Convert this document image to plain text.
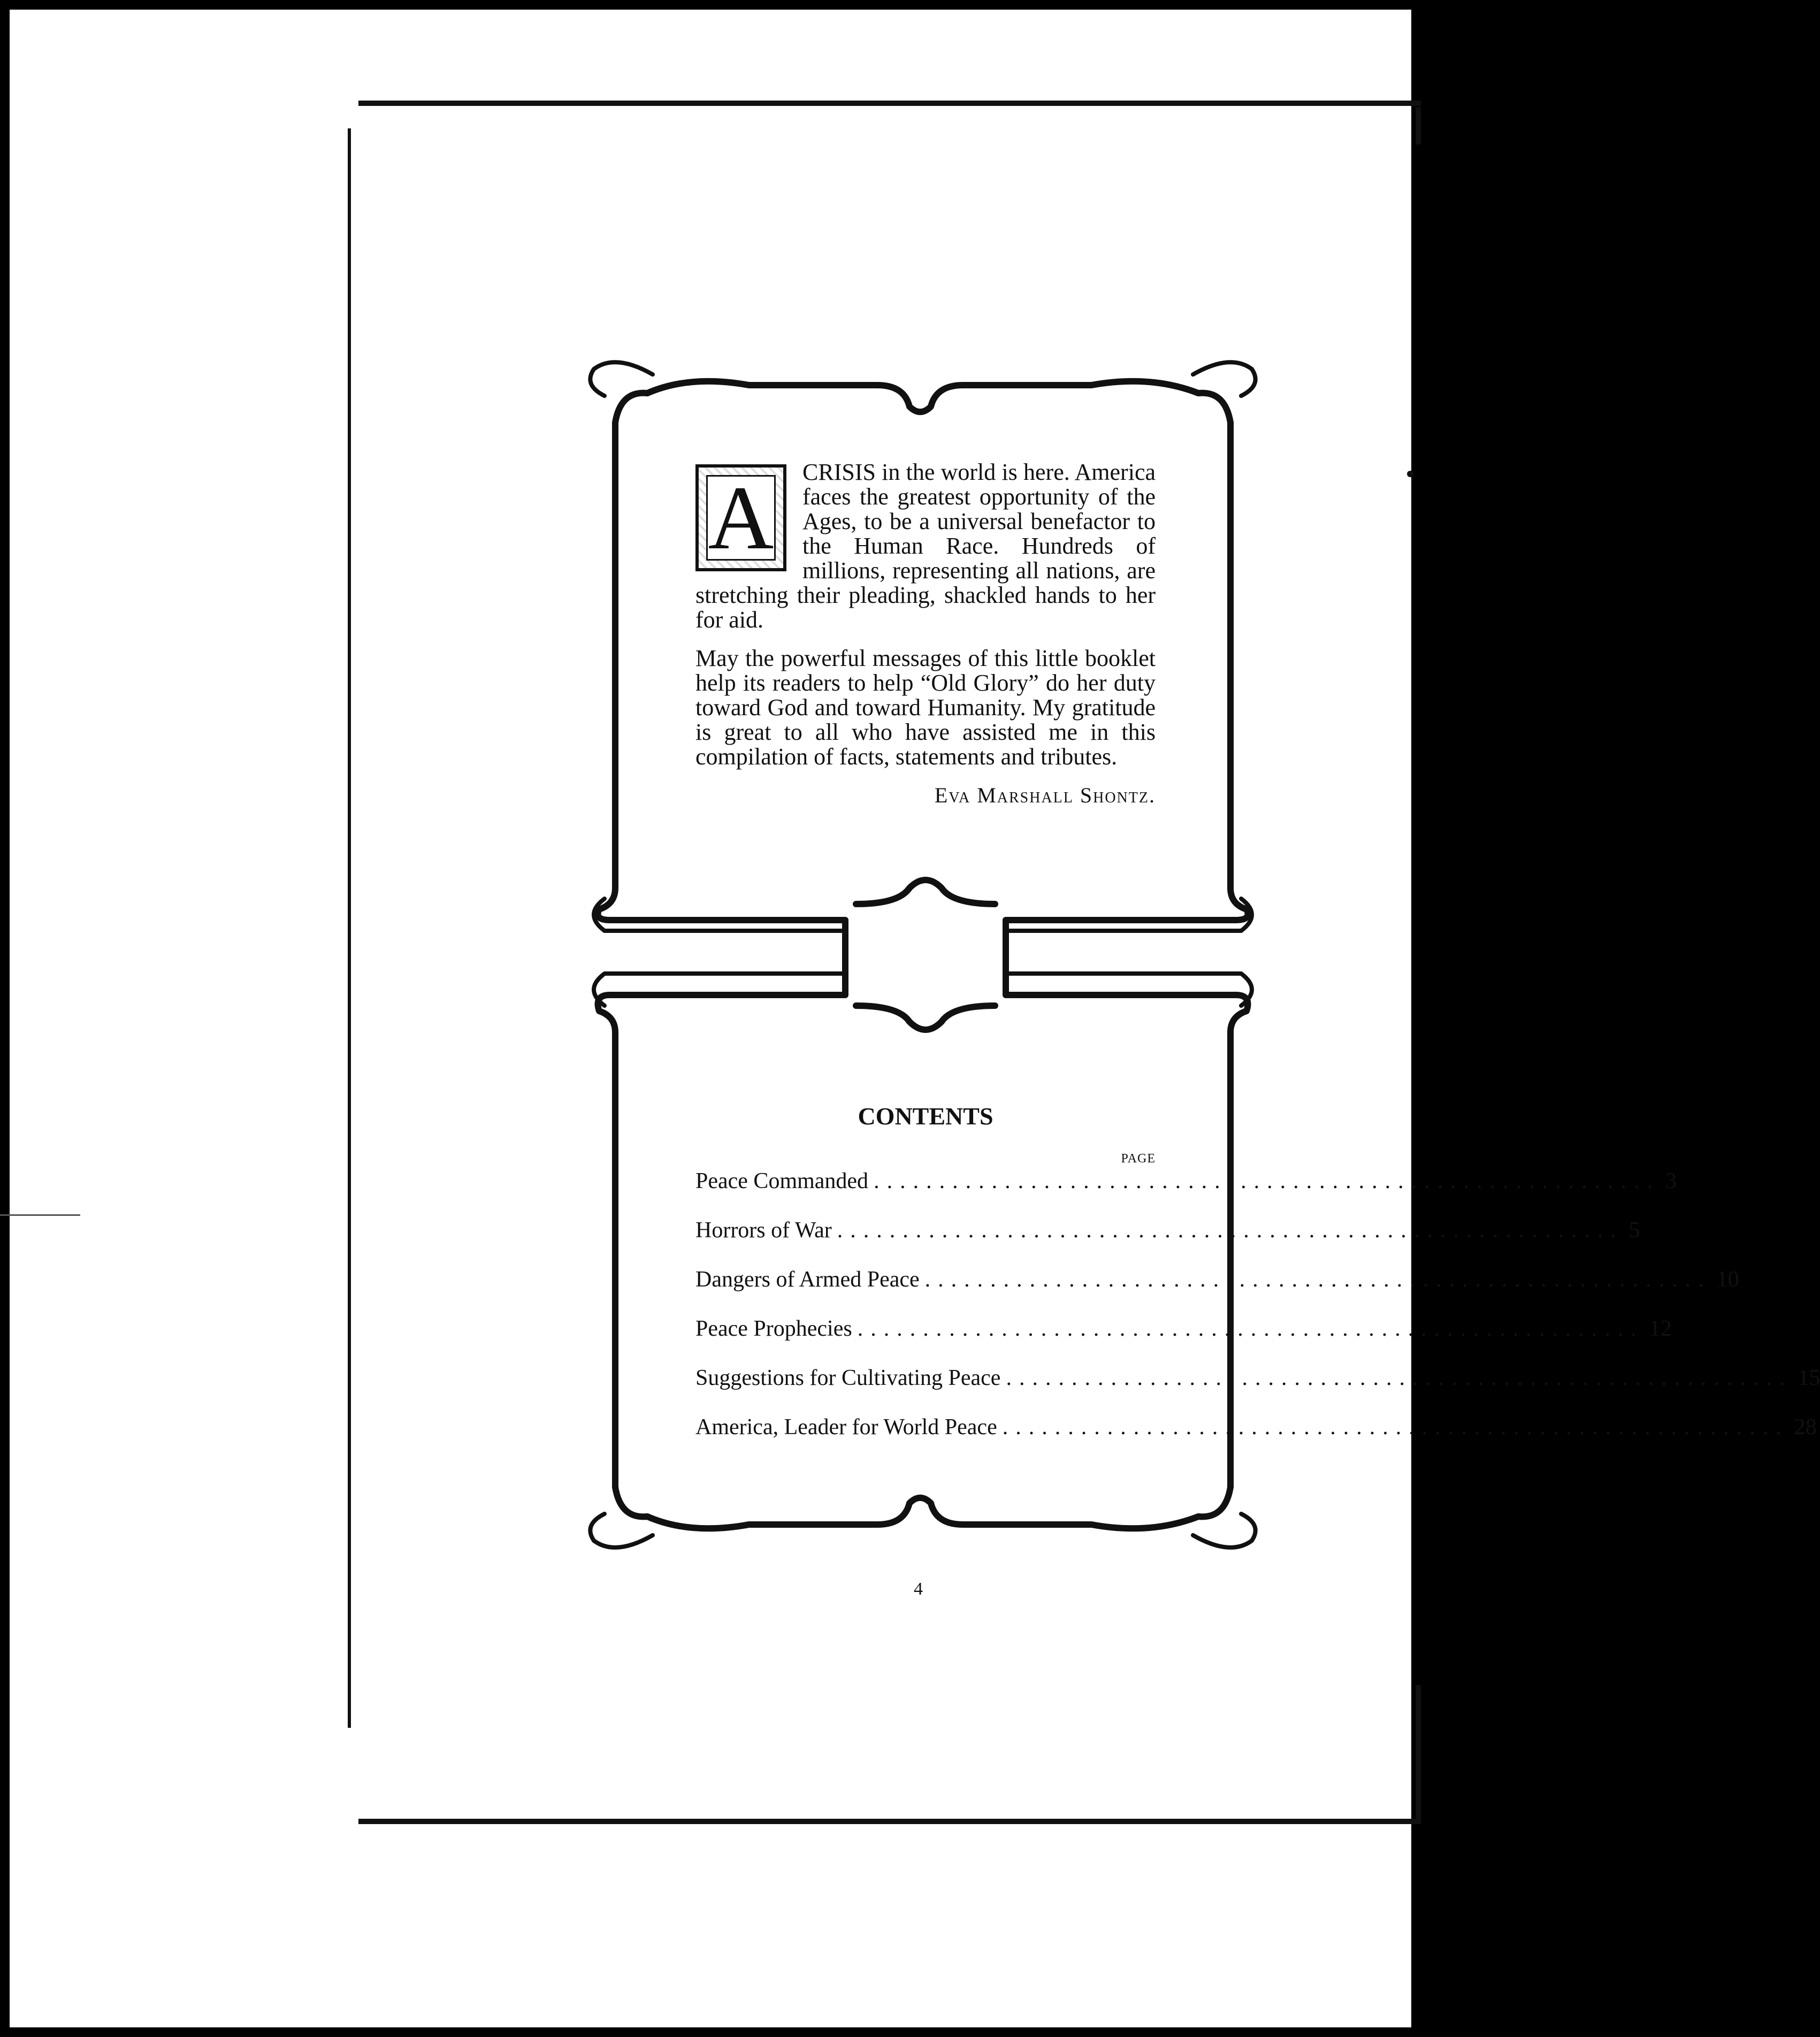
A	CRISIS in the world is here. America faces the greatest opportunity of the Ages, to be a universal benefactor to the Human Race. Hundreds of millions, representing all nations, are stretching their pleading, shackled hands to her for aid.

May the powerful messages of this little booklet help its readers to help “Old Glory” do her duty toward God and toward Humanity. My gratitude is great to all who have assisted me in this compilation of facts, statements and tributes.

Eva Marshall Shontz.
CONTENTS
PAGE
Peace Commanded ............................................................ 3
Horrors of War ............................................................ 5
Dangers of Armed Peace ............................................................ 10
Peace Prophecies ............................................................ 12
Suggestions for Cultivating Peace ............................................................ 15
America, Leader for World Peace ............................................................ 28
4
